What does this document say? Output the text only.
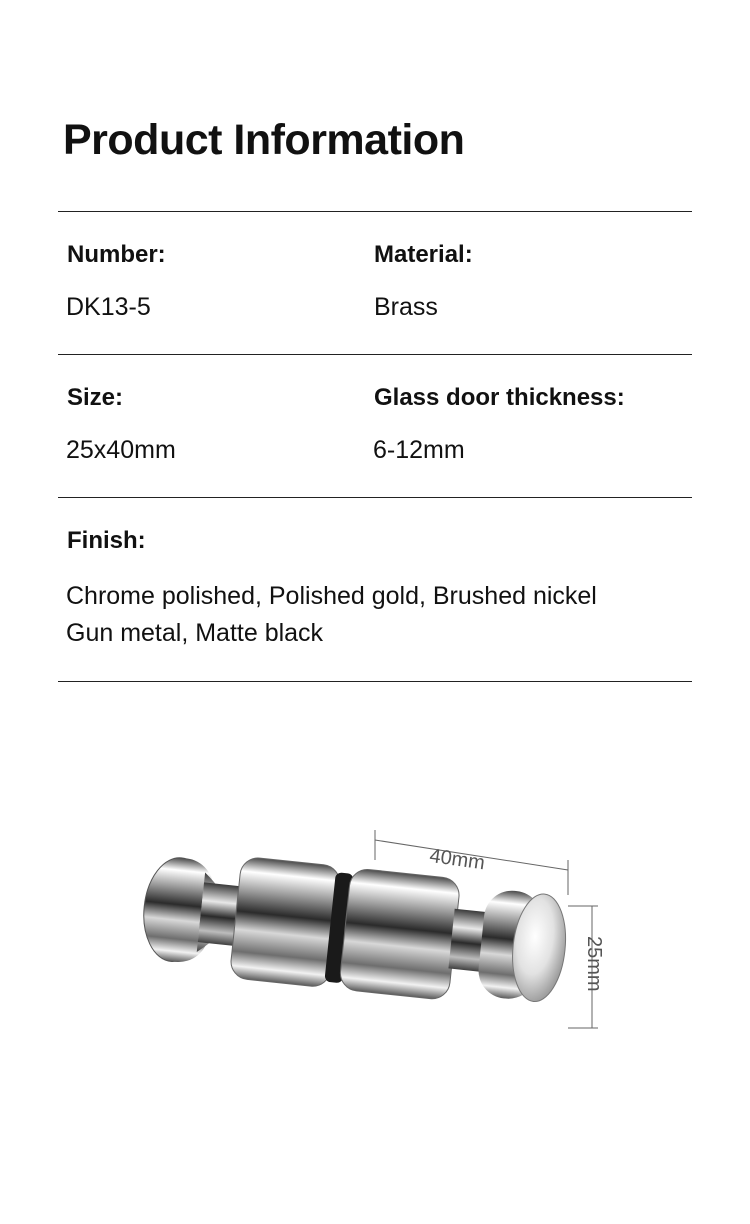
Product Information
Number:
DK13-5
Material:
Brass
Size:
25x40mm
Glass door thickness:
6-12mm
Finish:
Chrome polished, Polished gold, Brushed nickel
Gun metal, Matte black
40mm
25mm
